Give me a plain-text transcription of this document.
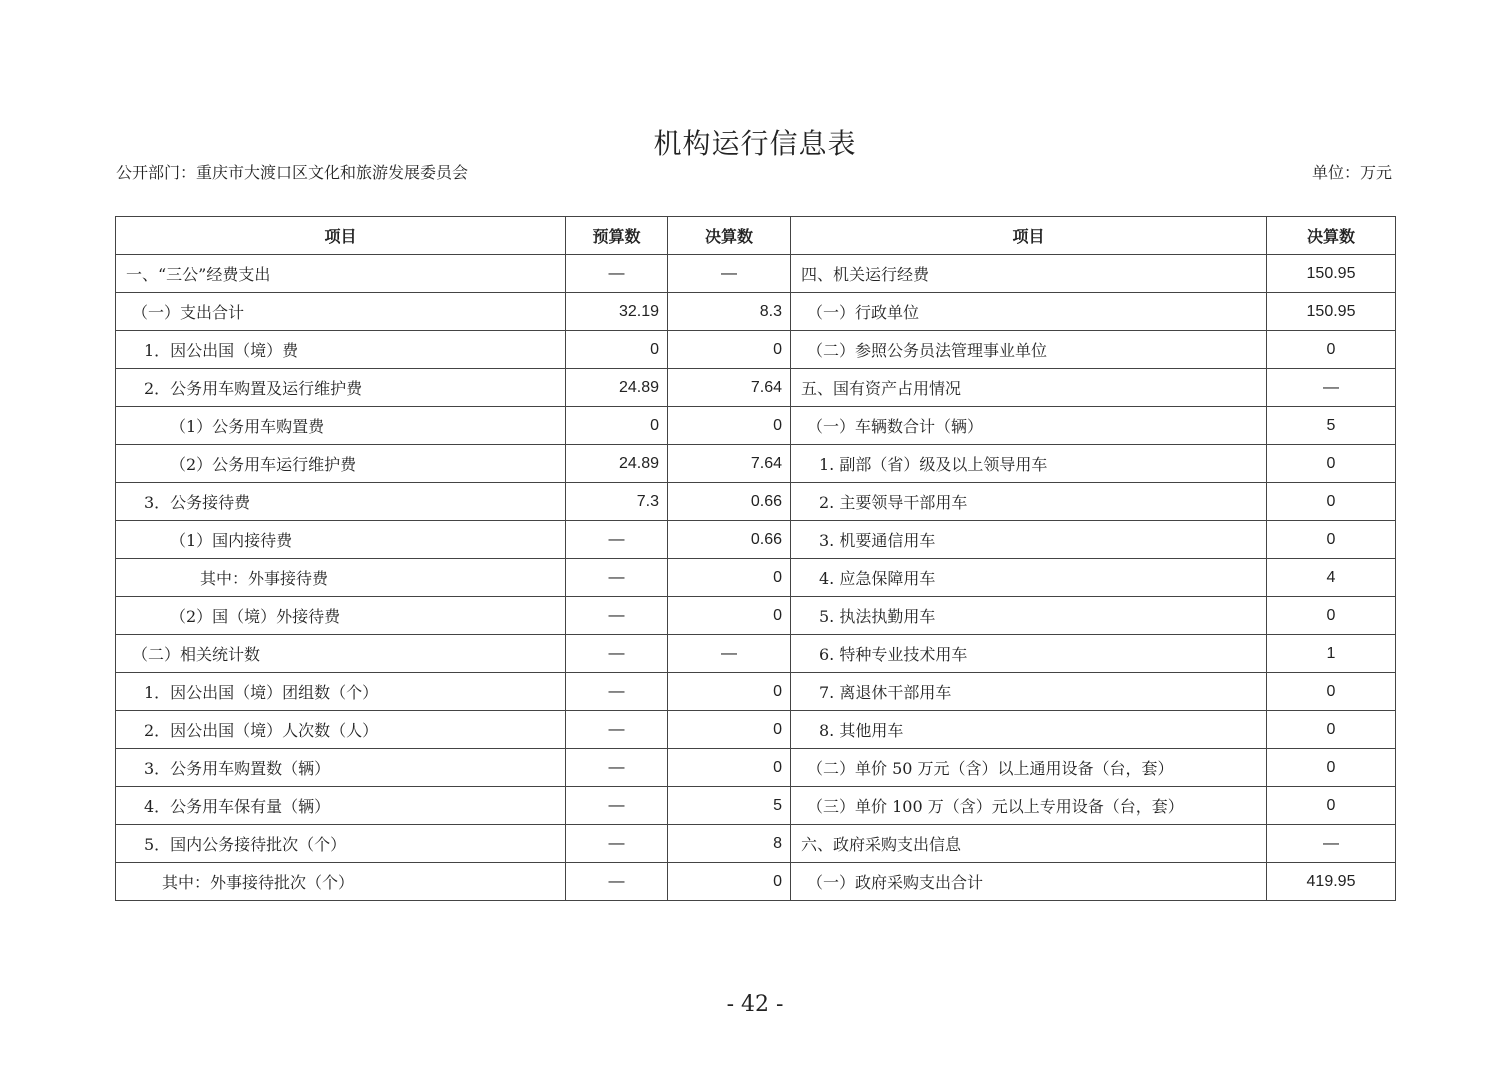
机构运行信息表
公开部门：重庆市大渡口区文化和旅游发展委员会	单位：万元
项目	预算数	决算数	项目	决算数
一、“三公”经费支出	—	—	四、机关运行经费	150.95
（一）支出合计	32.19	8.3	（一）行政单位	150.95
1．因公出国（境）费	0	0	（二）参照公务员法管理事业单位	0
2．公务用车购置及运行维护费	24.89	7.64	五、国有资产占用情况	—
（1）公务用车购置费	0	0	（一）车辆数合计（辆）	5
（2）公务用车运行维护费	24.89	7.64	1. 副部（省）级及以上领导用车	0
3．公务接待费	7.3	0.66	2. 主要领导干部用车	0
（1）国内接待费	—	0.66	3. 机要通信用车	0
其中：外事接待费	—	0	4. 应急保障用车	4
（2）国（境）外接待费	—	0	5. 执法执勤用车	0
（二）相关统计数	—	—	6. 特种专业技术用车	1
1．因公出国（境）团组数（个）	—	0	7. 离退休干部用车	0
2．因公出国（境）人次数（人）	—	0	8. 其他用车	0
3．公务用车购置数（辆）	—	0	（二）单价 50 万元（含）以上通用设备（台，套）	0
4．公务用车保有量（辆）	—	5	（三）单价 100 万（含）元以上专用设备（台，套）	0
5．国内公务接待批次（个）	—	8	六、政府采购支出信息	—
其中：外事接待批次（个）	—	0	（一）政府采购支出合计	419.95
- 42 -
